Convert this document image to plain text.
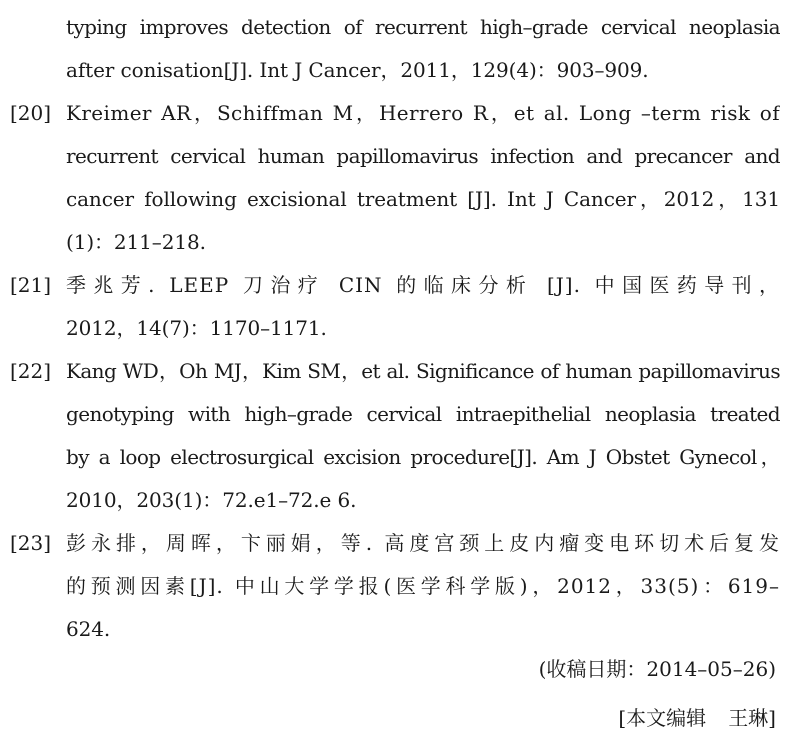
typing improves detection of recurrent high–grade cervical neoplasia
after conisation[J]. Int J Cancer，2011，129(4)：903–909.
[20] Kreimer AR，Schiffman M，Herrero R，et al. Long –term risk of
recurrent cervical human papillomavirus infection and precancer and
cancer following excisional treatment [J]. Int J Cancer，2012，131
(1)：211–218.
[21] 季兆芳. LEEP 刀治疗 CIN 的临床分析 [J]. 中国医药导刊，
2012，14(7)：1170–1171.
[22] Kang WD，Oh MJ，Kim SM，et al. Significance of human papillomavirus
genotyping with high–grade cervical intraepithelial neoplasia treated
by a loop electrosurgical excision procedure[J]. Am J Obstet Gynecol，
2010，203(1)：72.e1–72.e 6.
[23] 彭永排，周晖，卞丽娟，等. 高度宫颈上皮内瘤变电环切术后复发
的预测因素[J]. 中山大学学报(医学科学版)，2012，33(5)：619–
624.
(收稿日期：2014–05–26)
[本文编辑 王琳]
